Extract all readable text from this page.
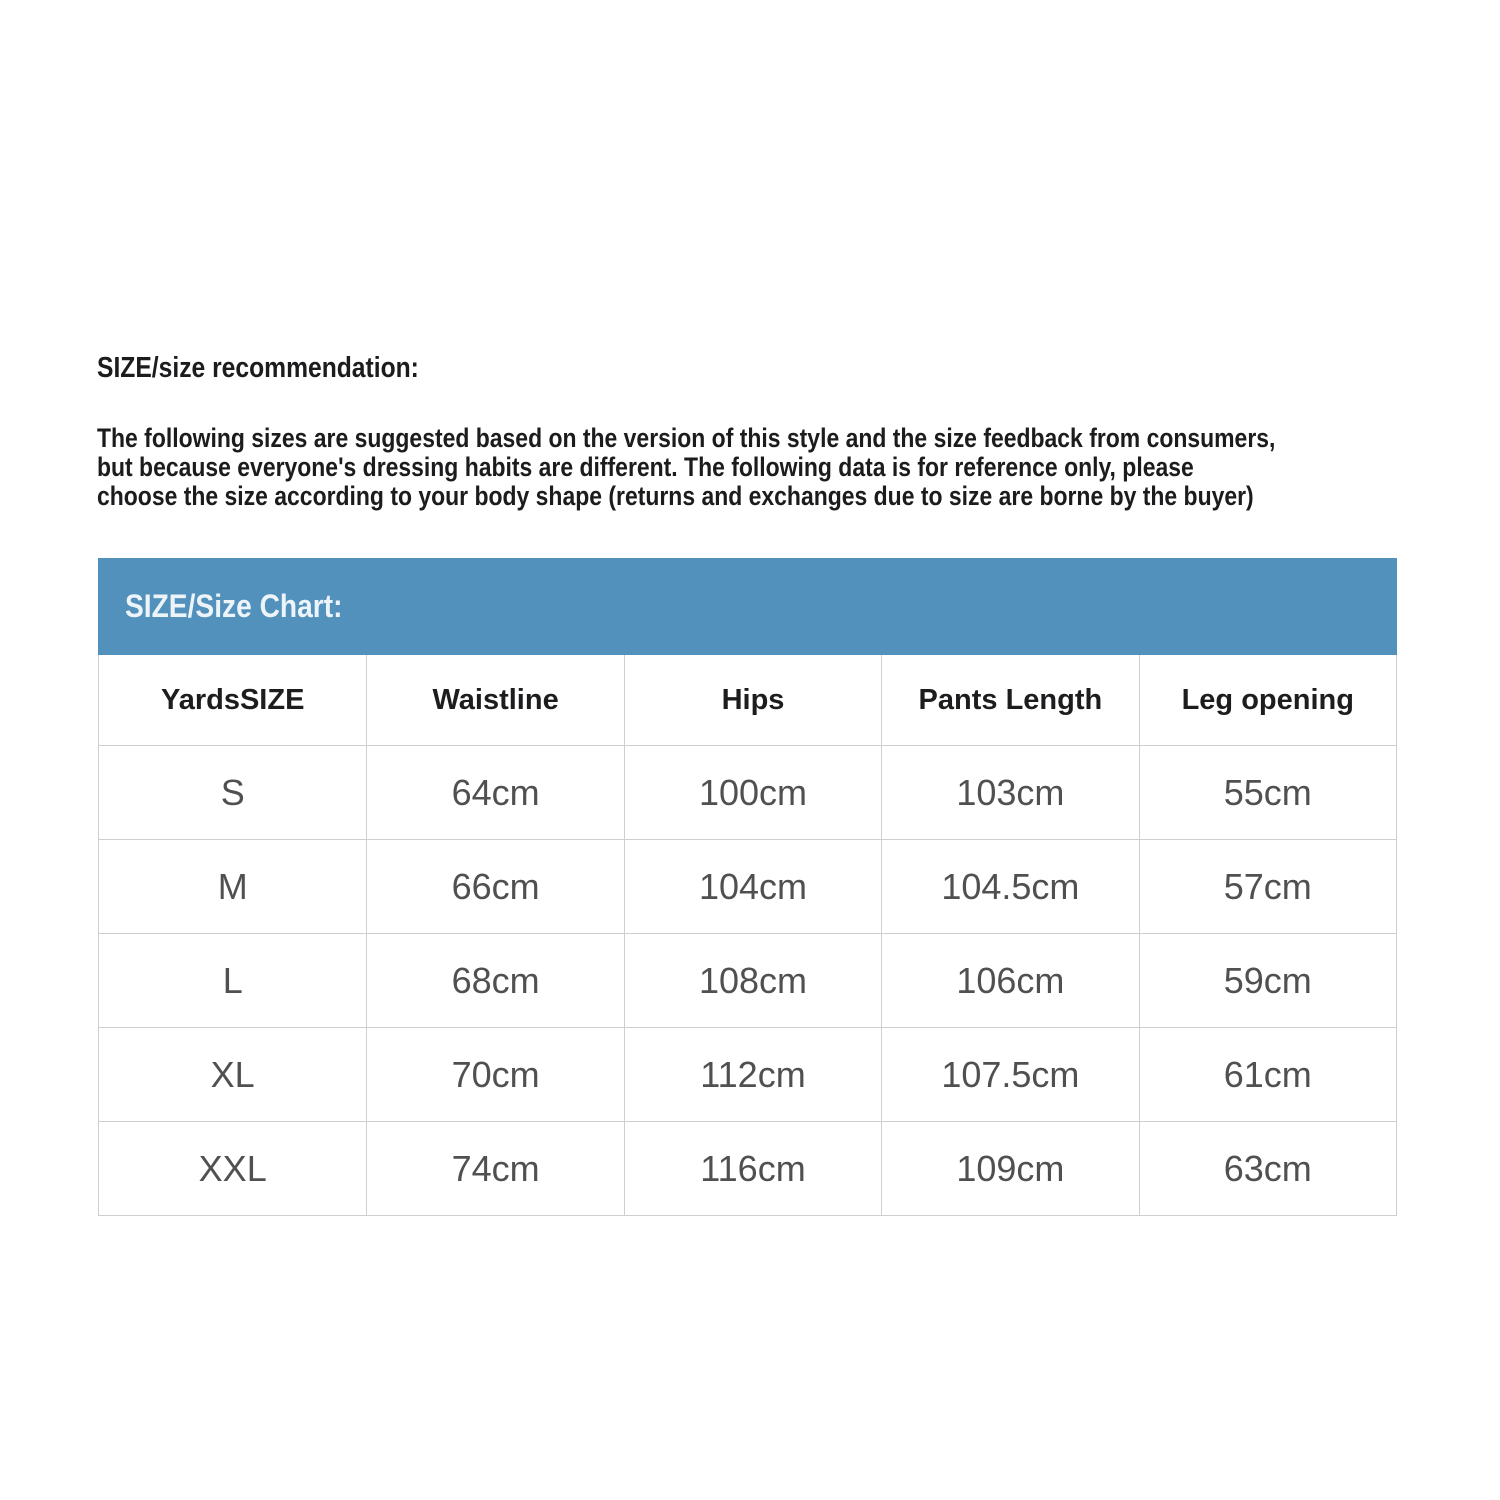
SIZE/size recommendation:
The following sizes are suggested based on the version of this style and the size feedback from consumers,
but because everyone's dressing habits are different. The following data is for reference only, please
choose the size according to your body shape (returns and exchanges due to size are borne by the buyer)
SIZE/Size Chart:
YardsSIZE	Waistline	Hips	Pants Length	Leg opening
S	64cm	100cm	103cm	55cm
M	66cm	104cm	104.5cm	57cm
L	68cm	108cm	106cm	59cm
XL	70cm	112cm	107.5cm	61cm
XXL	74cm	116cm	109cm	63cm
